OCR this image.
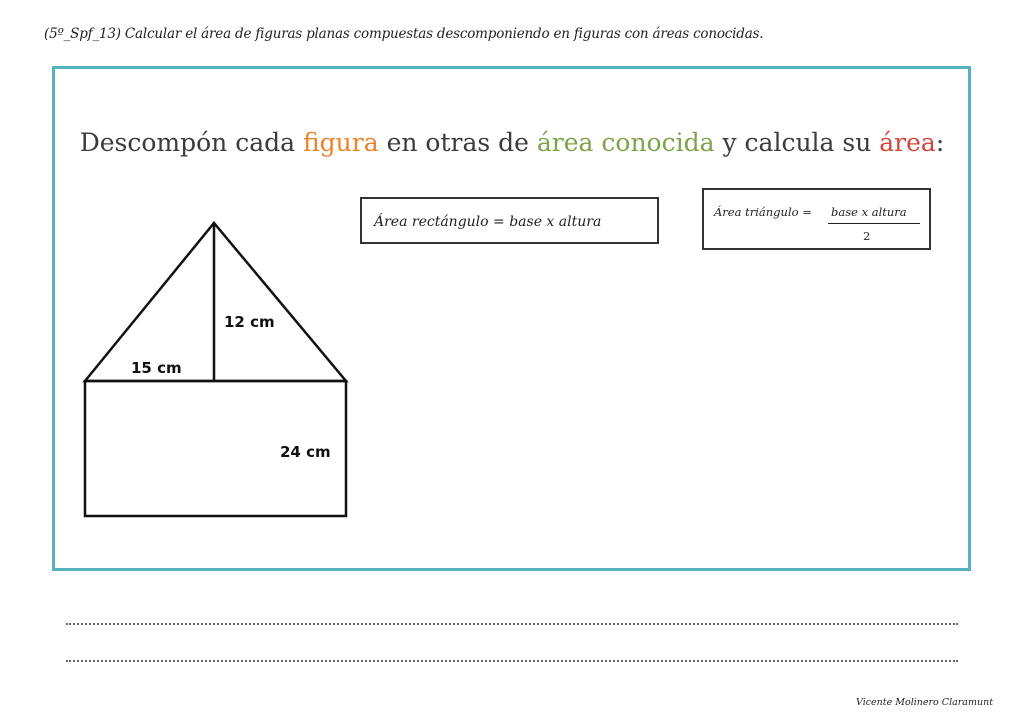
(5º_Spf_13) Calcular el área de figuras planas compuestas descomponiendo en figuras con áreas conocidas.
Descompón cada figura en otras de área conocida y calcula su área:
Área rectángulo = base x altura
Área triángulo = base x altura
2
15 cm
12 cm
24 cm
Vicente Molinero Claramunt
